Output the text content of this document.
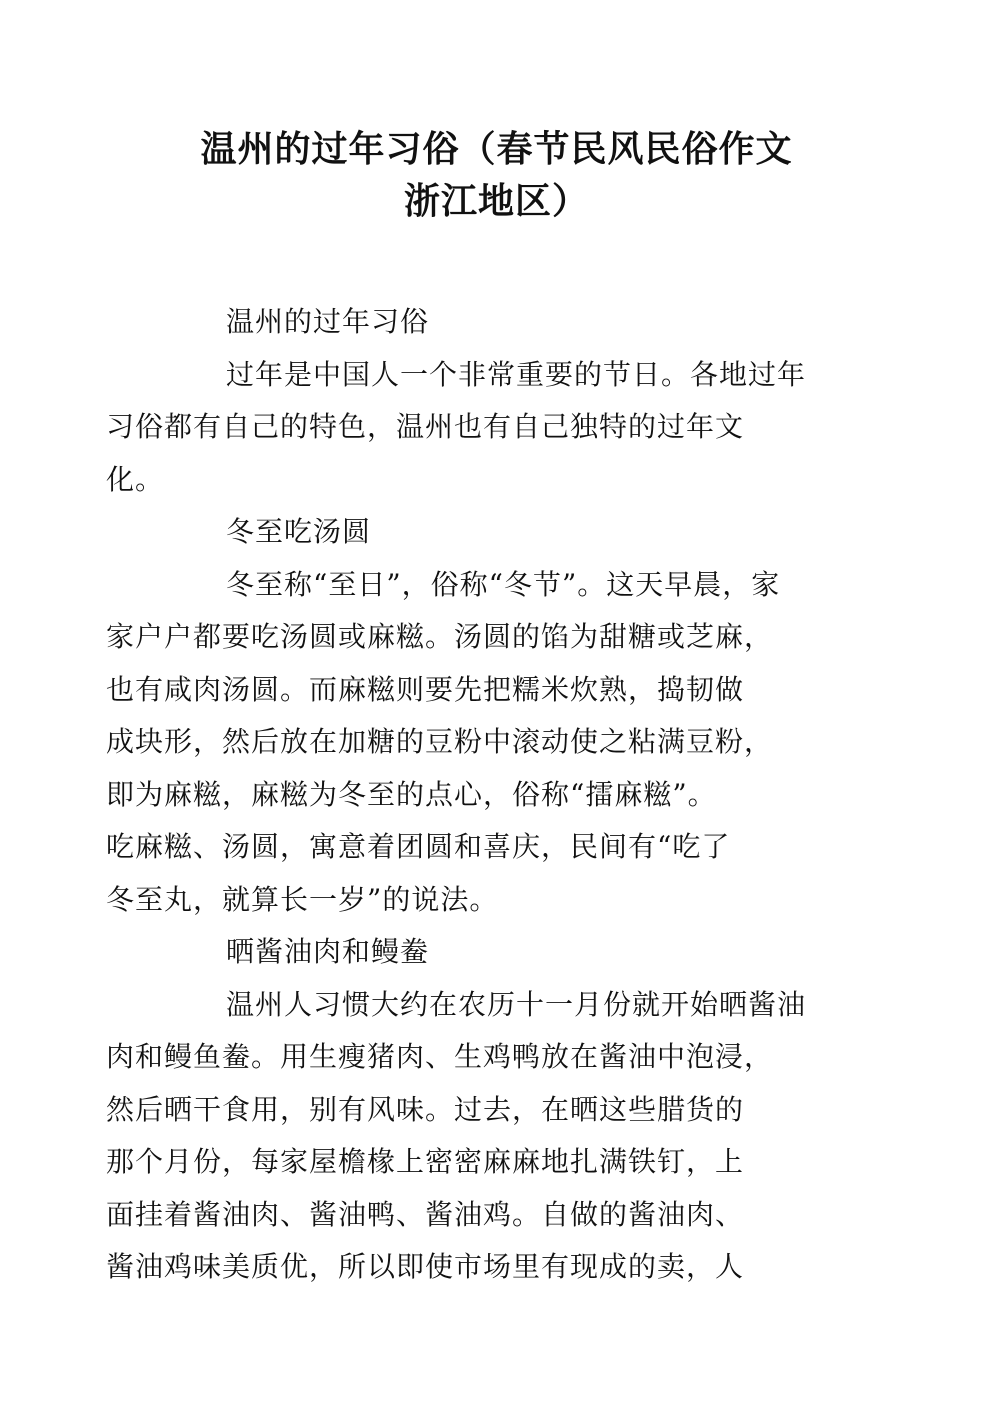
温州的过年习俗（春节民风民俗作文
浙江地区）
温州的过年习俗
过年是中国人一个非常重要的节日。各地过年
习俗都有自己的特色，温州也有自己独特的过年文
化。
冬至吃汤圆
冬至称“至日”，俗称“冬节”。这天早晨，家
家户户都要吃汤圆或麻糍。汤圆的馅为甜糖或芝麻，
也有咸肉汤圆。而麻糍则要先把糯米炊熟，捣韧做
成块形，然后放在加糖的豆粉中滚动使之粘满豆粉，
即为麻糍，麻糍为冬至的点心，俗称“擂麻糍”。
吃麻糍、汤圆，寓意着团圆和喜庆，民间有“吃了
冬至丸，就算长一岁”的说法。
晒酱油肉和鳗鲞
温州人习惯大约在农历十一月份就开始晒酱油
肉和鳗鱼鲞。用生瘦猪肉、生鸡鸭放在酱油中泡浸，
然后晒干食用，别有风味。过去，在晒这些腊货的
那个月份，每家屋檐椽上密密麻麻地扎满铁钉，上
面挂着酱油肉、酱油鸭、酱油鸡。自做的酱油肉、
酱油鸡味美质优，所以即使市场里有现成的卖，人
